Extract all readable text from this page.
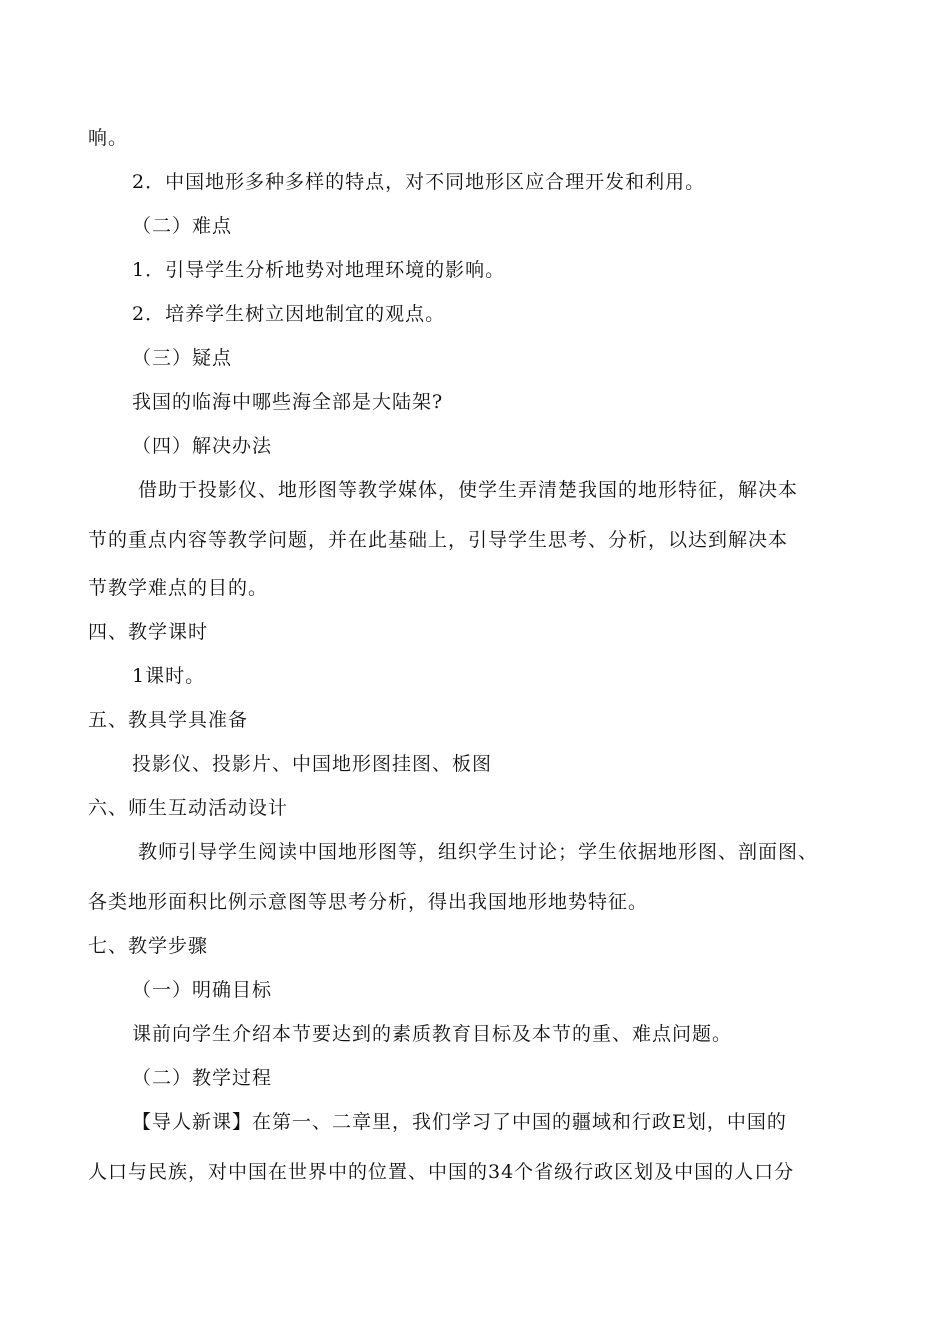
响。
2．中国地形多种多样的特点，对不同地形区应合理开发和利用。
（二）难点
1．引导学生分析地势对地理环境的影响。
2．培养学生树立因地制宜的观点。
（三）疑点
我国的临海中哪些海全部是大陆架?
（四）解决办法
借助于投影仪、地形图等教学媒体，使学生弄清楚我国的地形特征，解决本
节的重点内容等教学问题，并在此基础上，引导学生思考、分析，以达到解决本
节教学难点的目的。
四、教学课时
1课时。
五、教具学具准备
投影仪、投影片、中国地形图挂图、板图
六、师生互动活动设计
教师引导学生阅读中国地形图等，组织学生讨论；学生依据地形图、剖面图、
各类地形面积比例示意图等思考分析，得出我国地形地势特征。
七、教学步骤
（一）明确目标
课前向学生介绍本节要达到的素质教育目标及本节的重、难点问题。
（二）教学过程
【导人新课】在第一、二章里，我们学习了中国的疆域和行政E划，中国的
人口与民族，对中国在世界中的位置、中国的34个省级行政区划及中国的人口分
